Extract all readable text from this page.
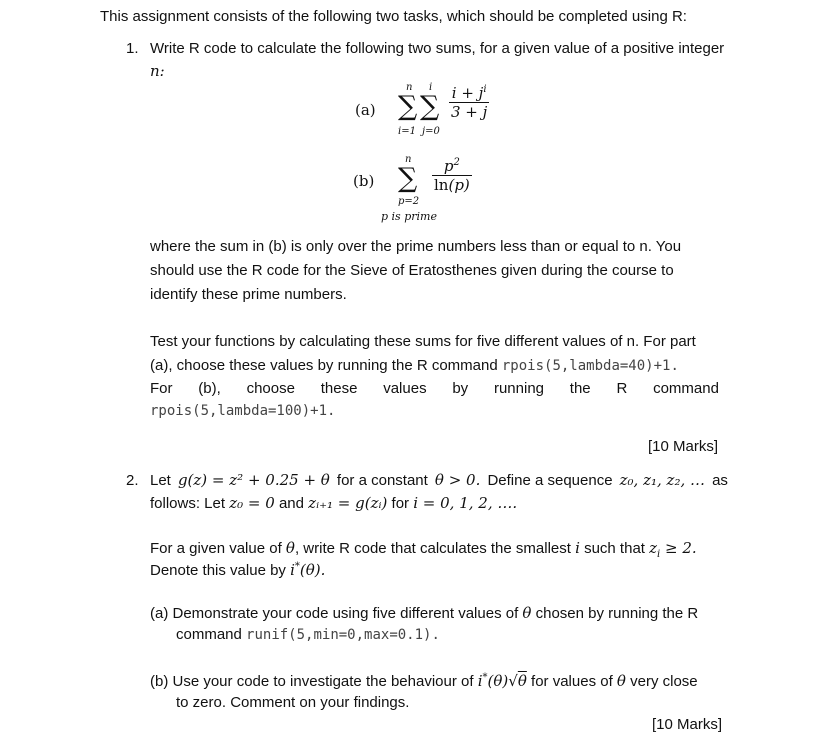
This assignment consists of the following two tasks, which should be completed using R:
1. Write R code to calculate the following two sums, for a given value of a positive integer
n:
(a)
n i
∑ ∑
i=1 j=0
$\frac{i + j^i}{3 + j}$
(b)
n
∑
p=2
p is prime
$\frac{p^2}{\ln(p)}$
where the sum in (b) is only over the prime numbers less than or equal to n. You
should use the R code for the Sieve of Eratosthenes given during the course to
identify these prime numbers.
Test your functions by calculating these sums for five different values of n. For part
(a), choose these values by running the R command rpois(5,lambda=40)+1.
For (b), choose these values by running the R command
rpois(5,lambda=100)+1.
[10 Marks]
2. Let g(z) = z² + 0.25 + θ for a constant θ > 0. Define a sequence z₀, z₁, z₂, … as
follows: Let z₀ = 0 and zᵢ₊₁ = g(zᵢ) for i = 0, 1, 2, ….
For a given value of θ, write R code that calculates the smallest i such that $z_i \ge 2$.
Denote this value by i*(θ).
(a) Demonstrate your code using five different values of θ chosen by running the R
command runif(5,min=0,max=0.1).
(b) Use your code to investigate the behaviour of i*(θ)√θ for values of θ very close
to zero. Comment on your findings.
[10 Marks]
